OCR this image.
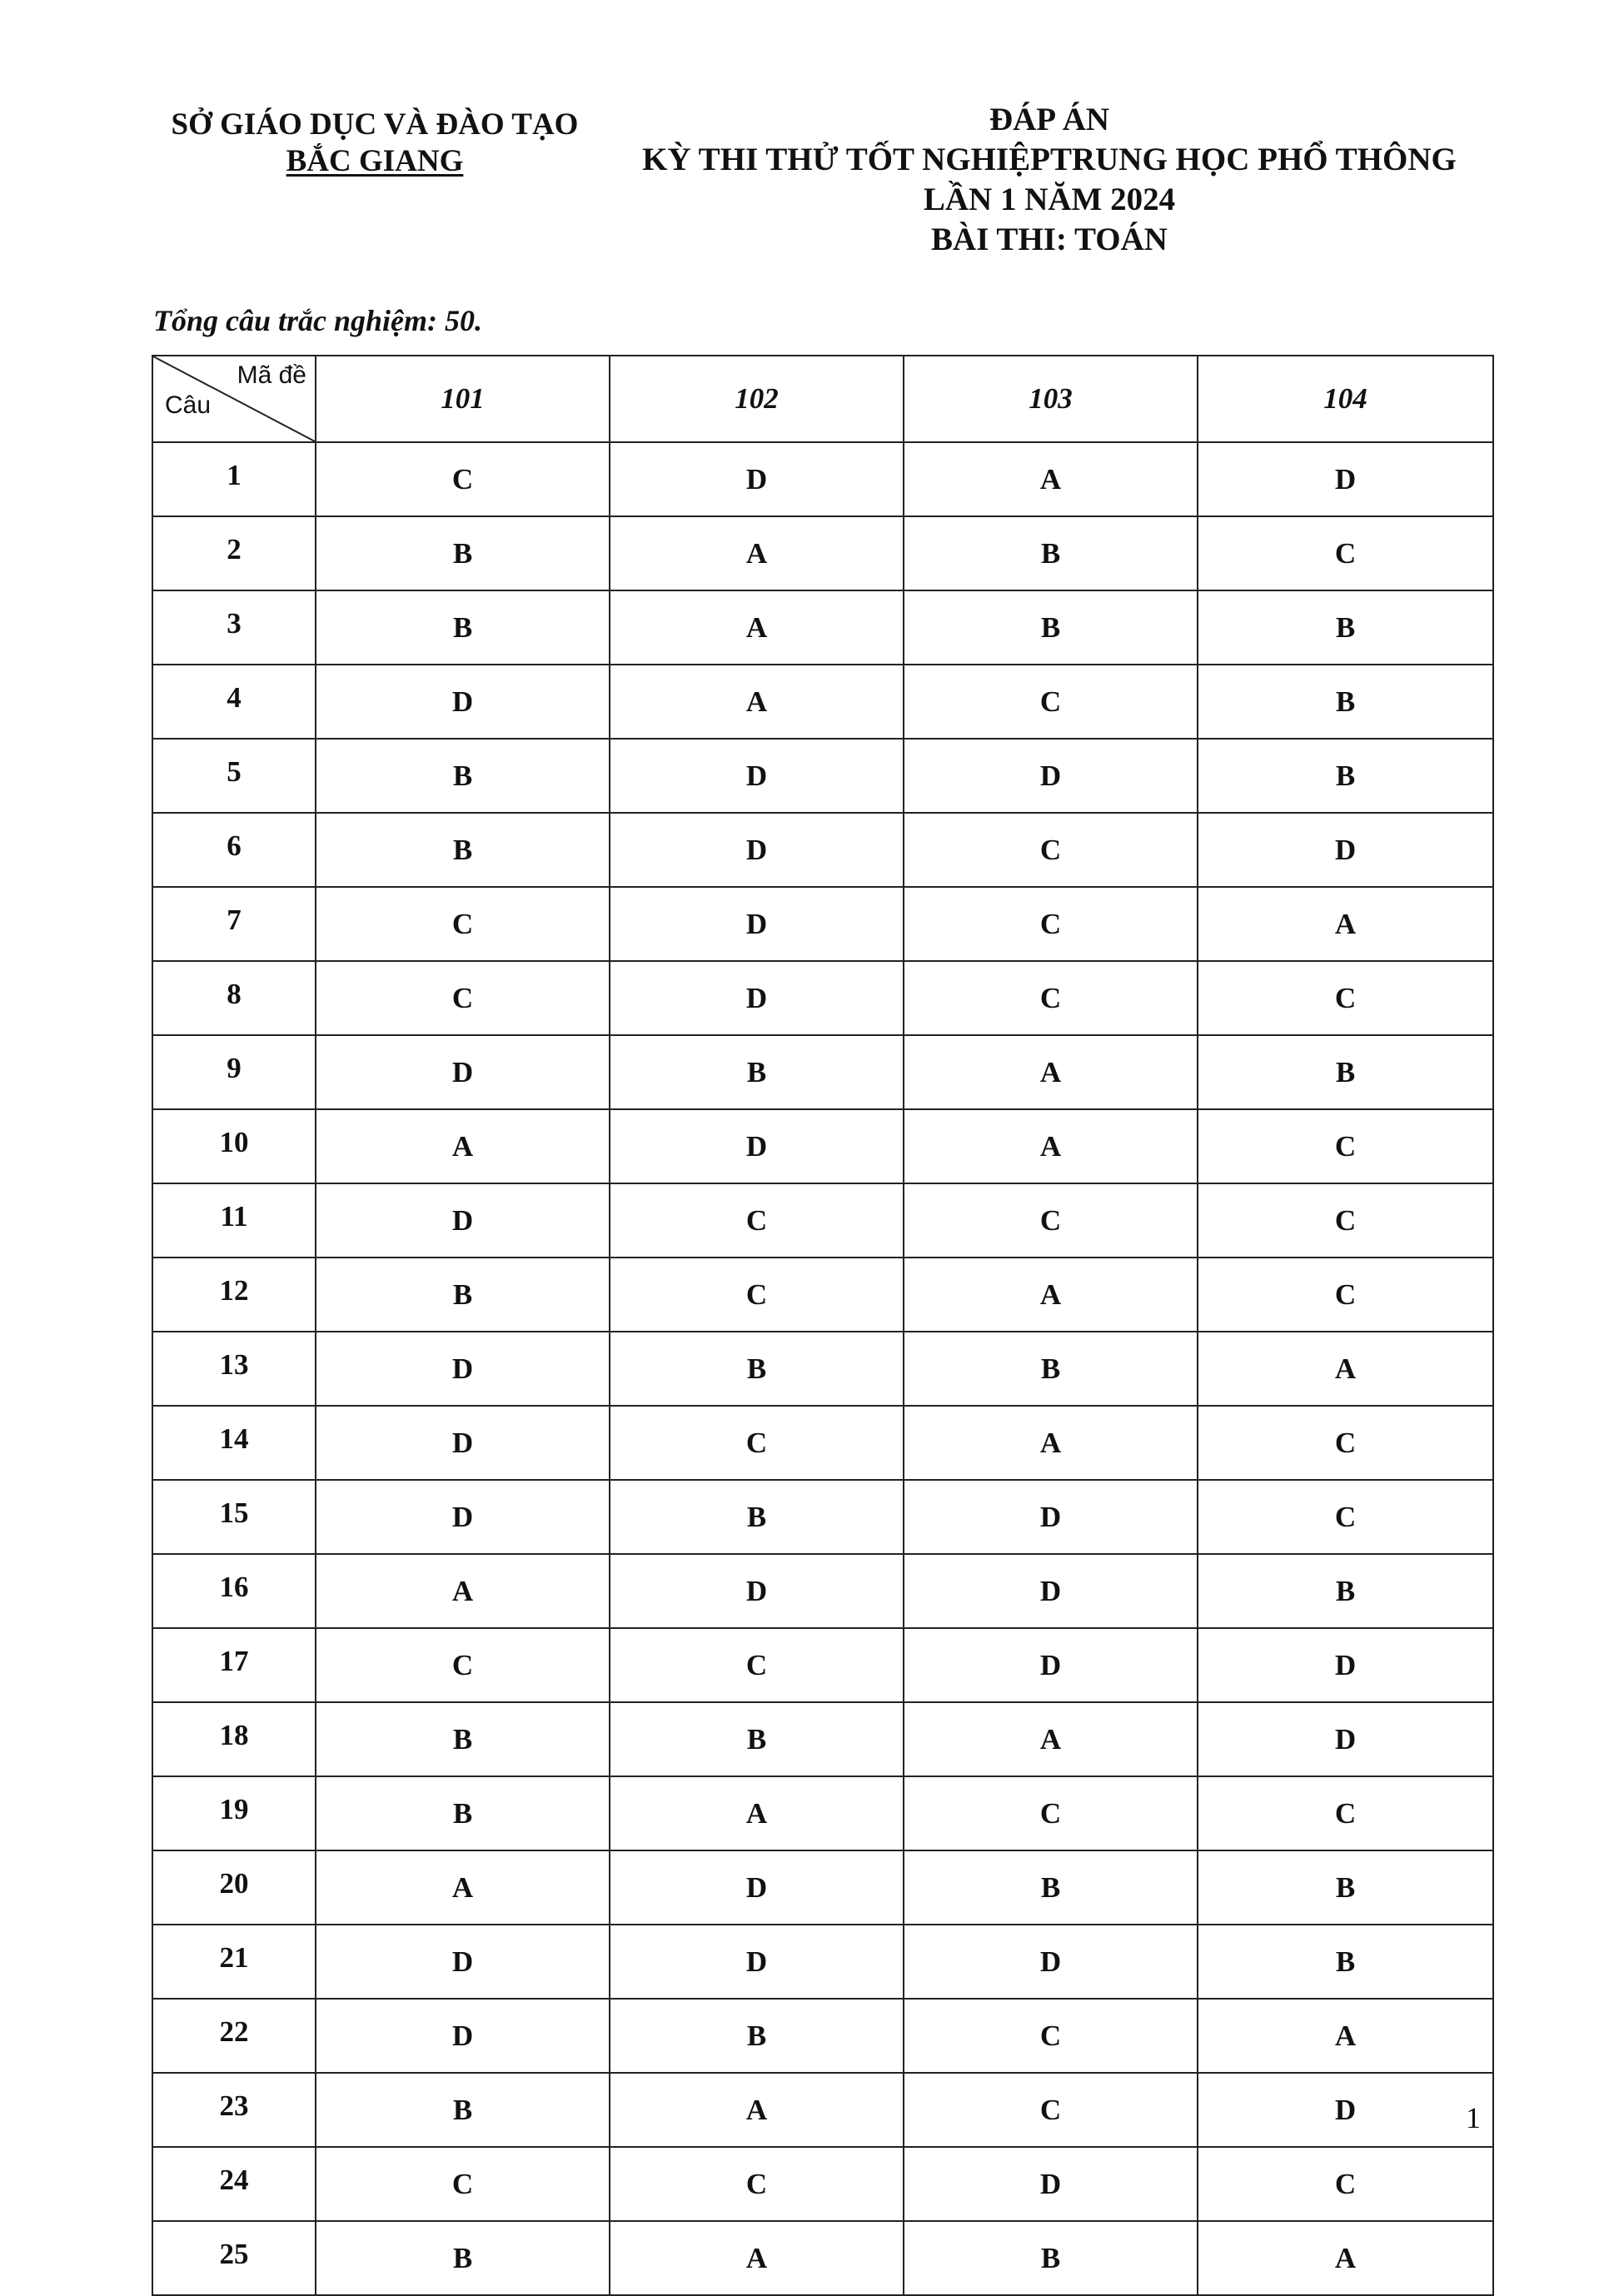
SỞ GIÁO DỤC VÀ ĐÀO TẠO
BẮC GIANG
ĐÁP ÁN
KỲ THI THỬ TỐT NGHIỆPTRUNG HỌC PHỔ THÔNG
LẦN 1 NĂM 2024
BÀI THI: TOÁN
Tổng câu trắc nghiệm: 50.
Mã đề
Câu	101	102	103	104
1	C	D	A	D
2	B	A	B	C
3	B	A	B	B
4	D	A	C	B
5	B	D	D	B
6	B	D	C	D
7	C	D	C	A
8	C	D	C	C
9	D	B	A	B
10	A	D	A	C
11	D	C	C	C
12	B	C	A	C
13	D	B	B	A
14	D	C	A	C
15	D	B	D	C
16	A	D	D	B
17	C	C	D	D
18	B	B	A	D
19	B	A	C	C
20	A	D	B	B
21	D	D	D	B
22	D	B	C	A
23	B	A	C	D
24	C	C	D	C
25	B	A	B	A
1
